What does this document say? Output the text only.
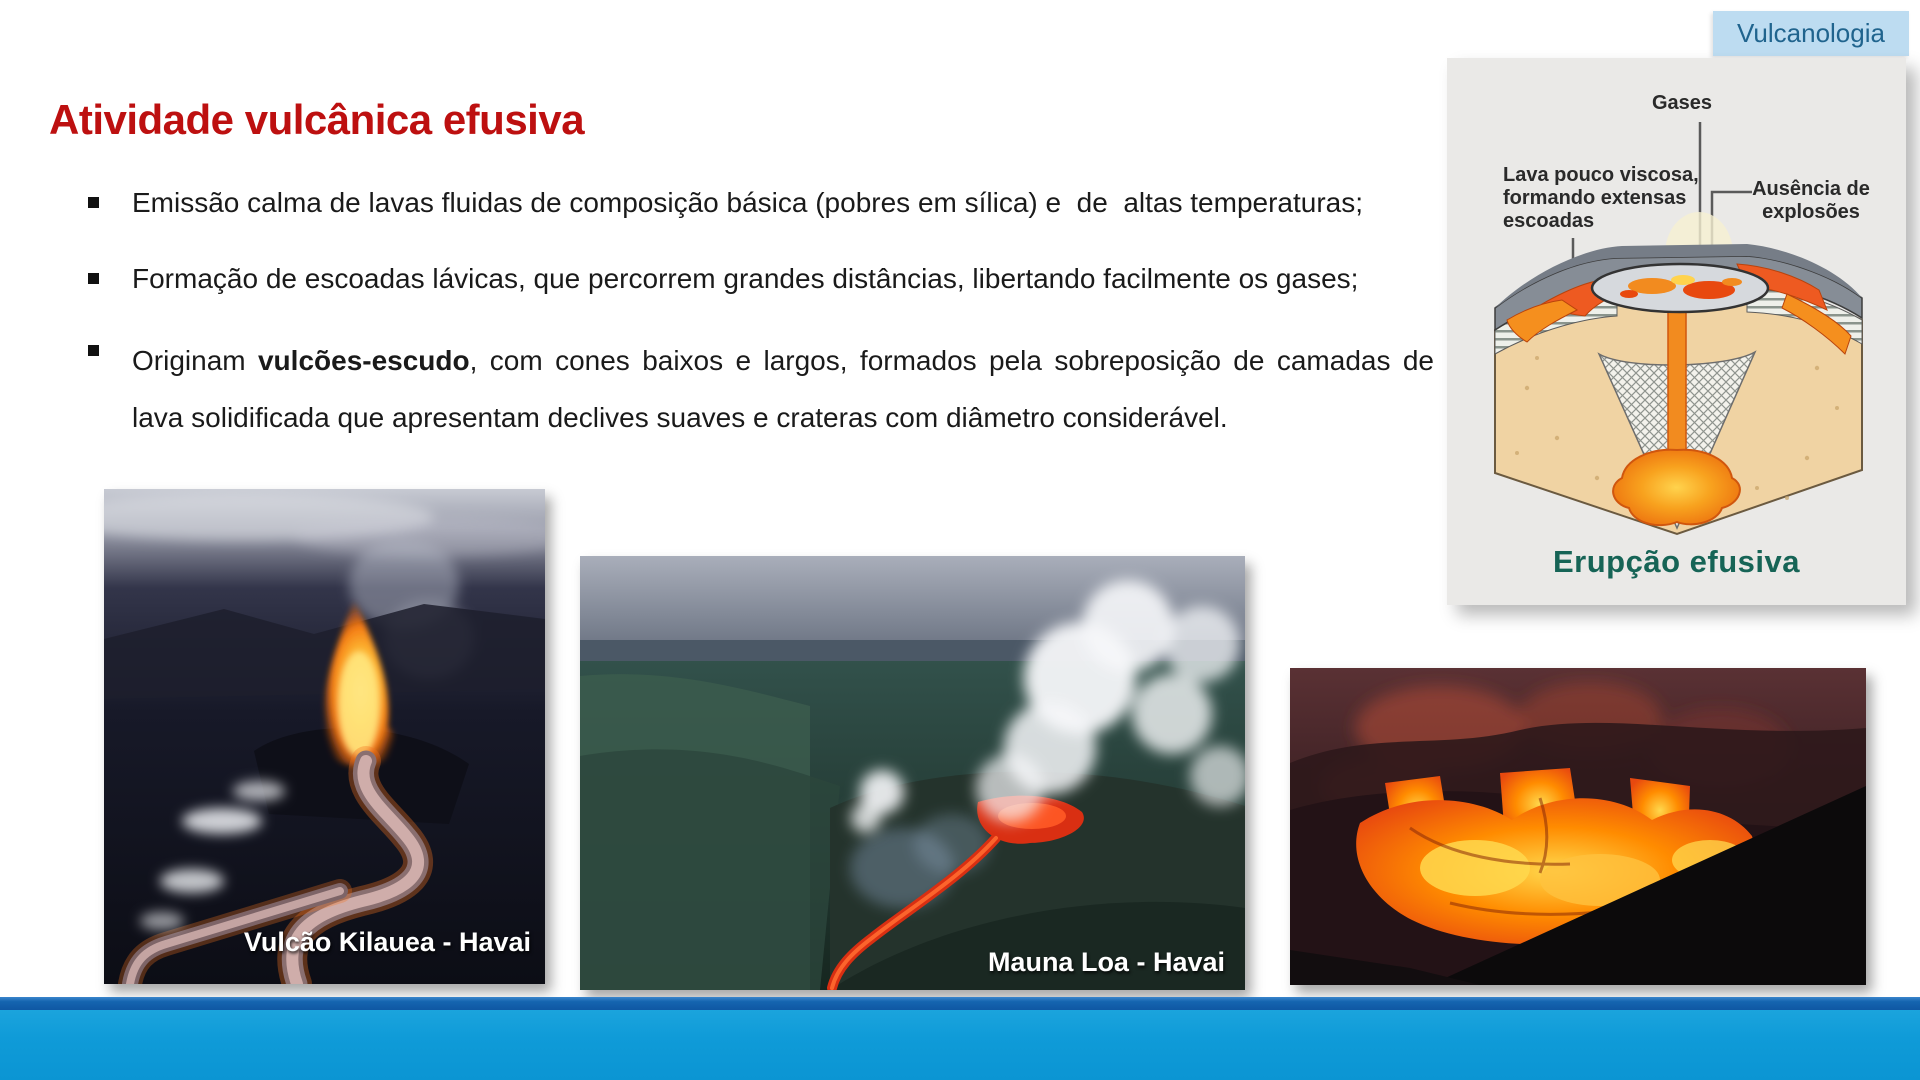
Vulcanologia
Atividade vulcânica efusiva
Emissão calma de lavas fluidas de composição básica (pobres em sílica) e  de  altas temperaturas;
Formação de escoadas lávicas, que percorrem grandes distâncias, libertando facilmente os gases;
Originam vulcões-escudo, com cones baixos e largos, formados pela sobreposição de camadas de lava solidificada que apresentam declives suaves e crateras com diâmetro considerável.
Gases
Lava pouco viscosa, formando extensas escoadas
Ausência de explosões
Erupção efusiva
Vulcão Kilauea - Havai
Mauna Loa - Havai
